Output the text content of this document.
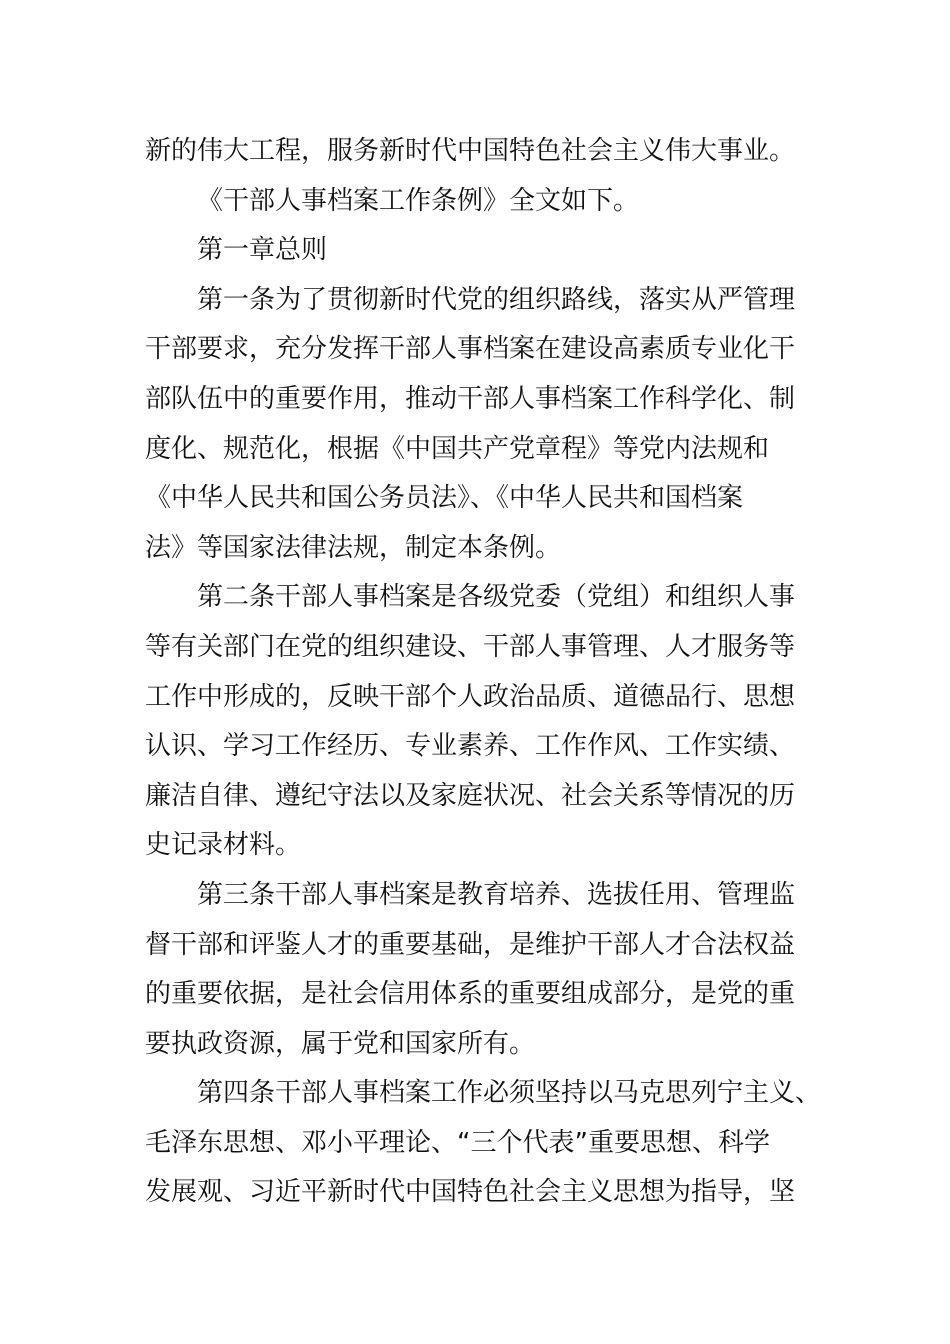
新的伟大工程，服务新时代中国特色社会主义伟大事业。
《干部人事档案工作条例》全文如下。
第一章总则
第一条为了贯彻新时代党的组织路线，落实从严管理
干部要求，充分发挥干部人事档案在建设高素质专业化干
部队伍中的重要作用，推动干部人事档案工作科学化、制
度化、规范化，根据《中国共产党章程》等党内法规和
《中华人民共和国公务员法》、《中华人民共和国档案
法》等国家法律法规，制定本条例。
第二条干部人事档案是各级党委（党组）和组织人事
等有关部门在党的组织建设、干部人事管理、人才服务等
工作中形成的，反映干部个人政治品质、道德品行、思想
认识、学习工作经历、专业素养、工作作风、工作实绩、
廉洁自律、遵纪守法以及家庭状况、社会关系等情况的历
史记录材料。
第三条干部人事档案是教育培养、选拔任用、管理监
督干部和评鉴人才的重要基础，是维护干部人才合法权益
的重要依据，是社会信用体系的重要组成部分，是党的重
要执政资源，属于党和国家所有。
第四条干部人事档案工作必须坚持以马克思列宁主义、
毛泽东思想、邓小平理论、“三个代表”重要思想、科学
发展观、习近平新时代中国特色社会主义思想为指导，坚
